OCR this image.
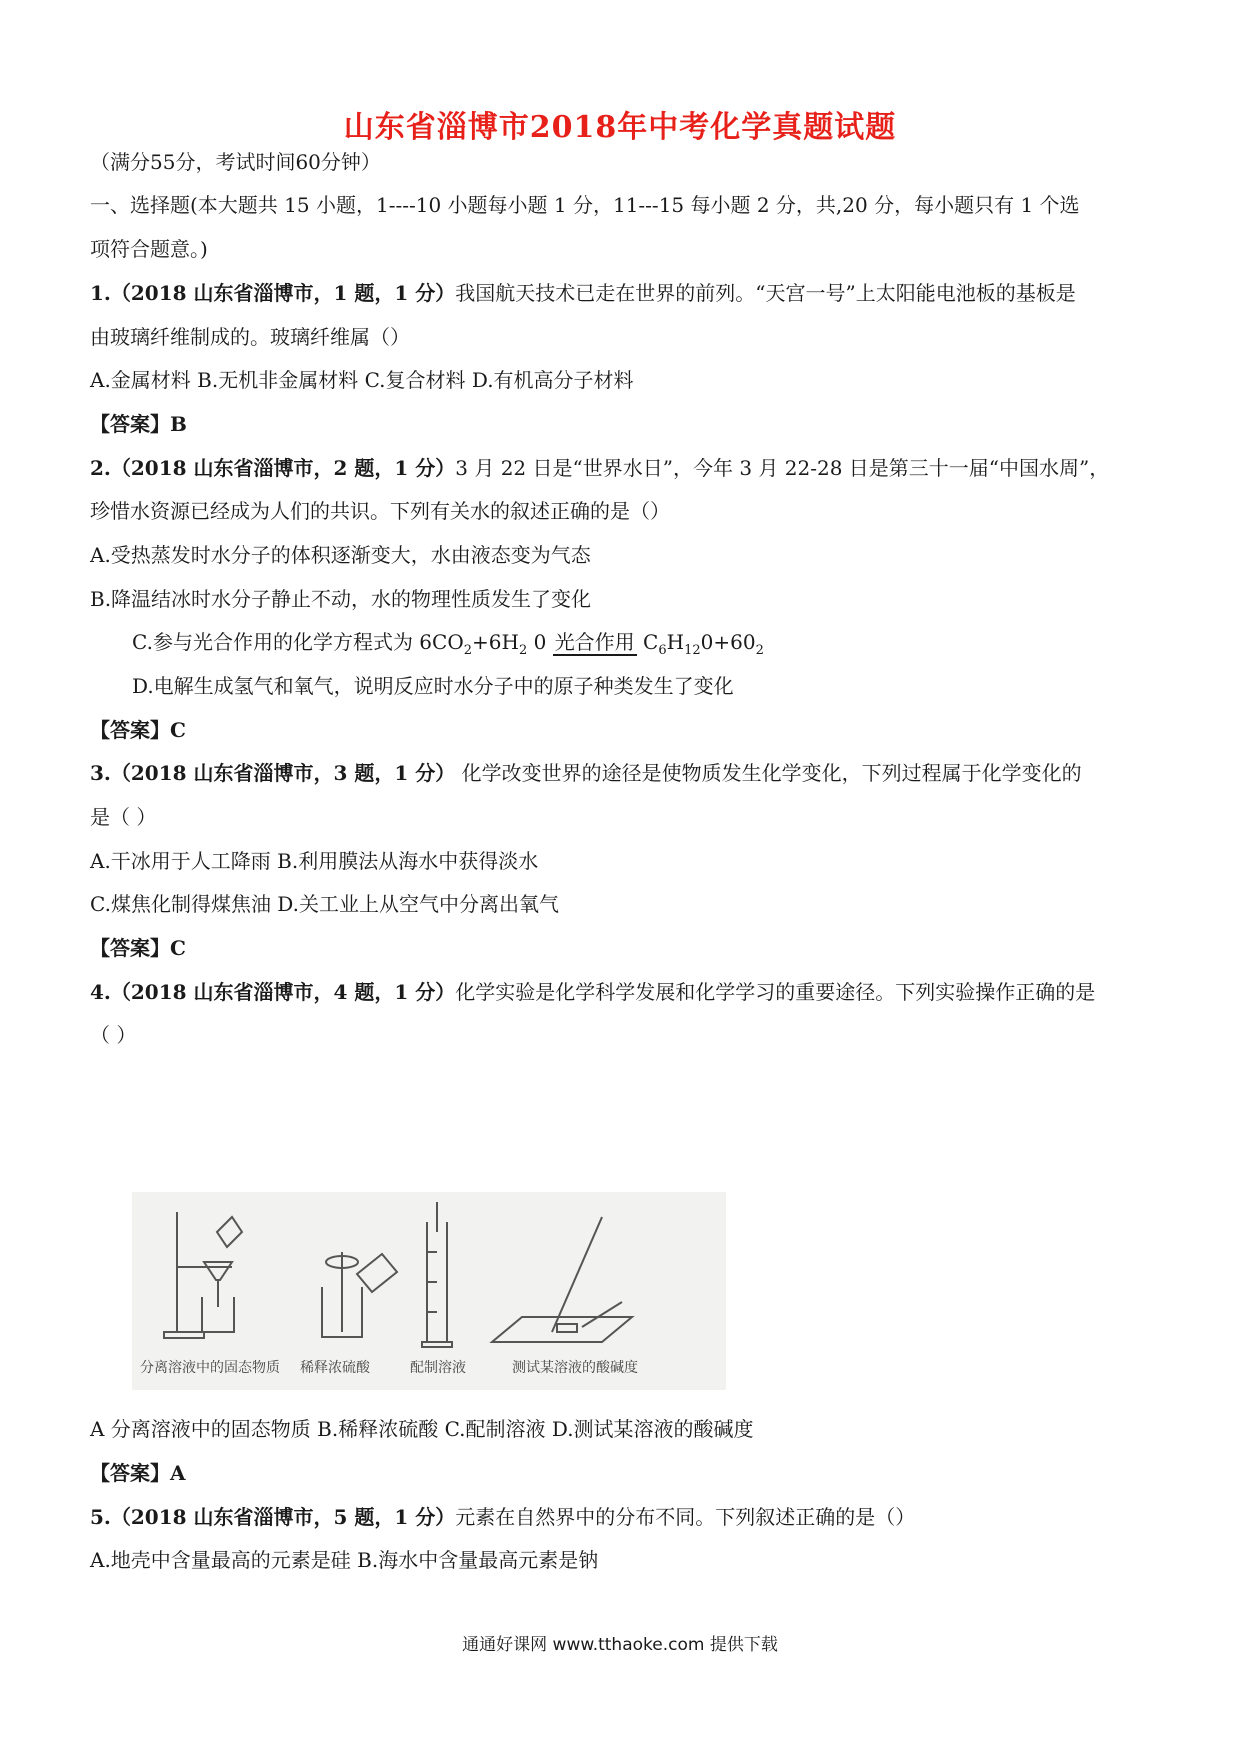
山东省淄博市2018年中考化学真题试题
（满分55分，考试时间60分钟）
一、选择题(本大题共 15 小题，1----10 小题每小题 1 分，11---15 每小题 2 分，共,20 分，每小题只有 1 个选
项符合题意。)
1.（2018 山东省淄博市，1 题，1 分）我国航天技术已走在世界的前列。“天宫一号”上太阳能电池板的基板是
由玻璃纤维制成的。玻璃纤维属（）
A.金属材料 B.无机非金属材料 C.复合材料 D.有机高分子材料
【答案】B
2.（2018 山东省淄博市，2 题，1 分）3 月 22 日是“世界水日”，今年 3 月 22-28 日是第三十一届“中国水周”，
珍惜水资源已经成为人们的共识。下列有关水的叙述正确的是（）
A.受热蒸发时水分子的体积逐渐变大，水由液态变为气态
B.降温结冰时水分子静止不动，水的物理性质发生了变化
C.参与光合作用的化学方程式为 $6CO_2+6H_2$ 0 光合作用 $C_6H_{12}0+60_2$
D.电解生成氢气和氧气，说明反应时水分子中的原子种类发生了变化
【答案】C
3.（2018 山东省淄博市，3 题，1 分） 化学改变世界的途径是使物质发生化学变化，下列过程属于化学变化的
是（ ）
A.干冰用于人工降雨 B.利用膜法从海水中获得淡水
C.煤焦化制得煤焦油 D.关工业上从空气中分离出氧气
【答案】C
4.（2018 山东省淄博市，4 题，1 分）化学实验是化学科学发展和化学学习的重要途径。下列实验操作正确的是
（ ）
分离溶液中的固态物质 稀释浓硫酸	配制溶液	测试某溶液的酸碱度
A 分离溶液中的固态物质 B.稀释浓硫酸 C.配制溶液 D.测试某溶液的酸碱度
【答案】A
5.（2018 山东省淄博市，5 题，1 分）元素在自然界中的分布不同。下列叙述正确的是（）
A.地壳中含量最高的元素是硅 B.海水中含量最高元素是钠
通通好课网 www.tthaoke.com 提供下载
